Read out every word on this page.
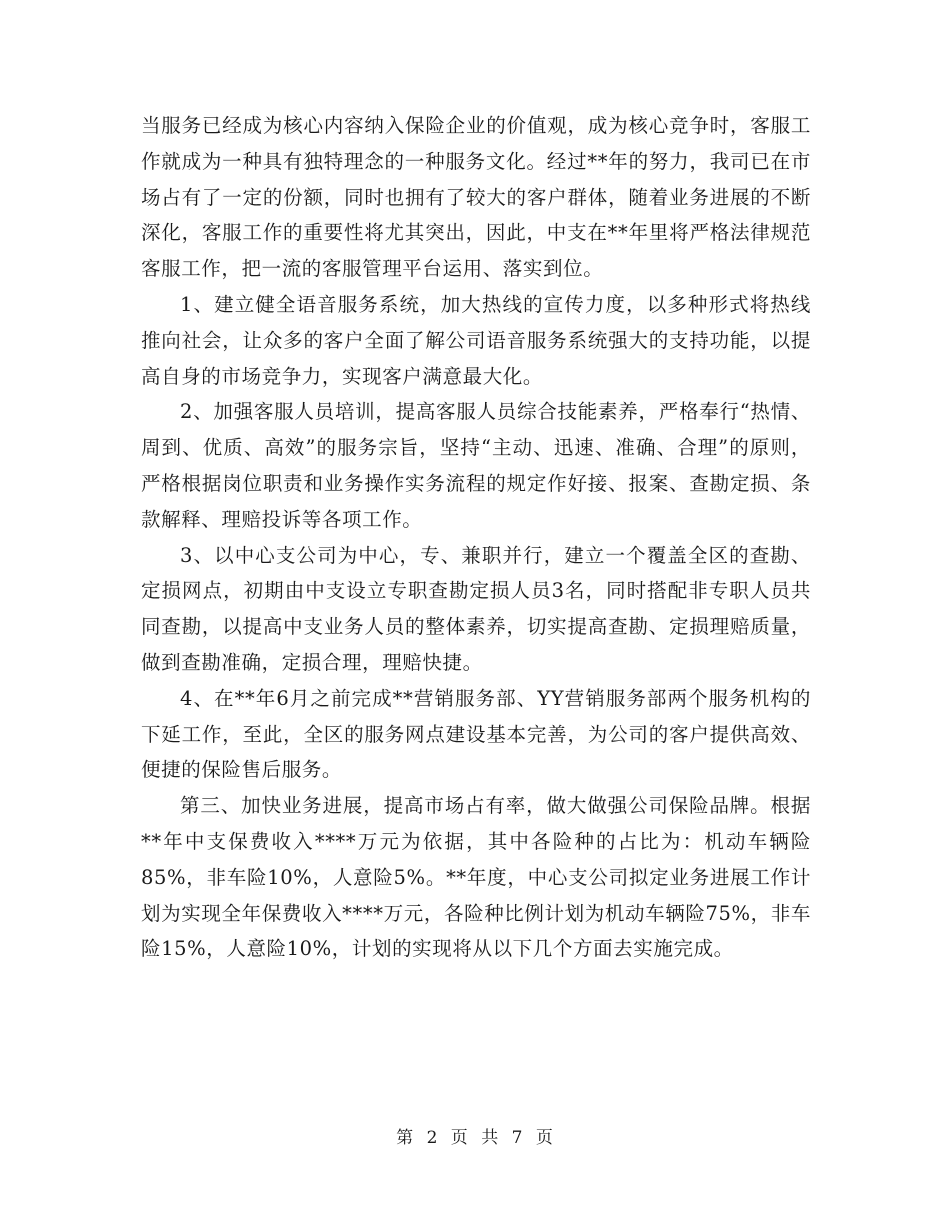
当服务已经成为核心内容纳入保险企业的价值观，成为核心竞争时，客服工作就成为一种具有独特理念的一种服务文化。经过**年的努力，我司已在市场占有了一定的份额，同时也拥有了较大的客户群体，随着业务进展的不断深化，客服工作的重要性将尤其突出，因此，中支在**年里将严格法律规范客服工作，把一流的客服管理平台运用、落实到位。

1、建立健全语音服务系统，加大热线的宣传力度，以多种形式将热线推向社会，让众多的客户全面了解公司语音服务系统强大的支持功能，以提高自身的市场竞争力，实现客户满意最大化。

2、加强客服人员培训，提高客服人员综合技能素养，严格奉行“热情、周到、优质、高效”的服务宗旨，坚持“主动、迅速、准确、合理”的原则，严格根据岗位职责和业务操作实务流程的规定作好接、报案、查勘定损、条款解释、理赔投诉等各项工作。

3、以中心支公司为中心，专、兼职并行，建立一个覆盖全区的查勘、定损网点，初期由中支设立专职查勘定损人员3名，同时搭配非专职人员共同查勘，以提高中支业务人员的整体素养，切实提高查勘、定损理赔质量，做到查勘准确，定损合理，理赔快捷。

4、在**年6月之前完成**营销服务部、YY营销服务部两个服务机构的下延工作，至此，全区的服务网点建设基本完善，为公司的客户提供高效、便捷的保险售后服务。

第三、加快业务进展，提高市场占有率，做大做强公司保险品牌。根据**年中支保费收入****万元为依据，其中各险种的占比为：机动车辆险85%，非车险10%，人意险5%。**年度，中心支公司拟定业务进展工作计划为实现全年保费收入****万元，各险种比例计划为机动车辆险75%，非车险15%，人意险10%，计划的实现将从以下几个方面去实施完成。

第 2 页 共 7 页
